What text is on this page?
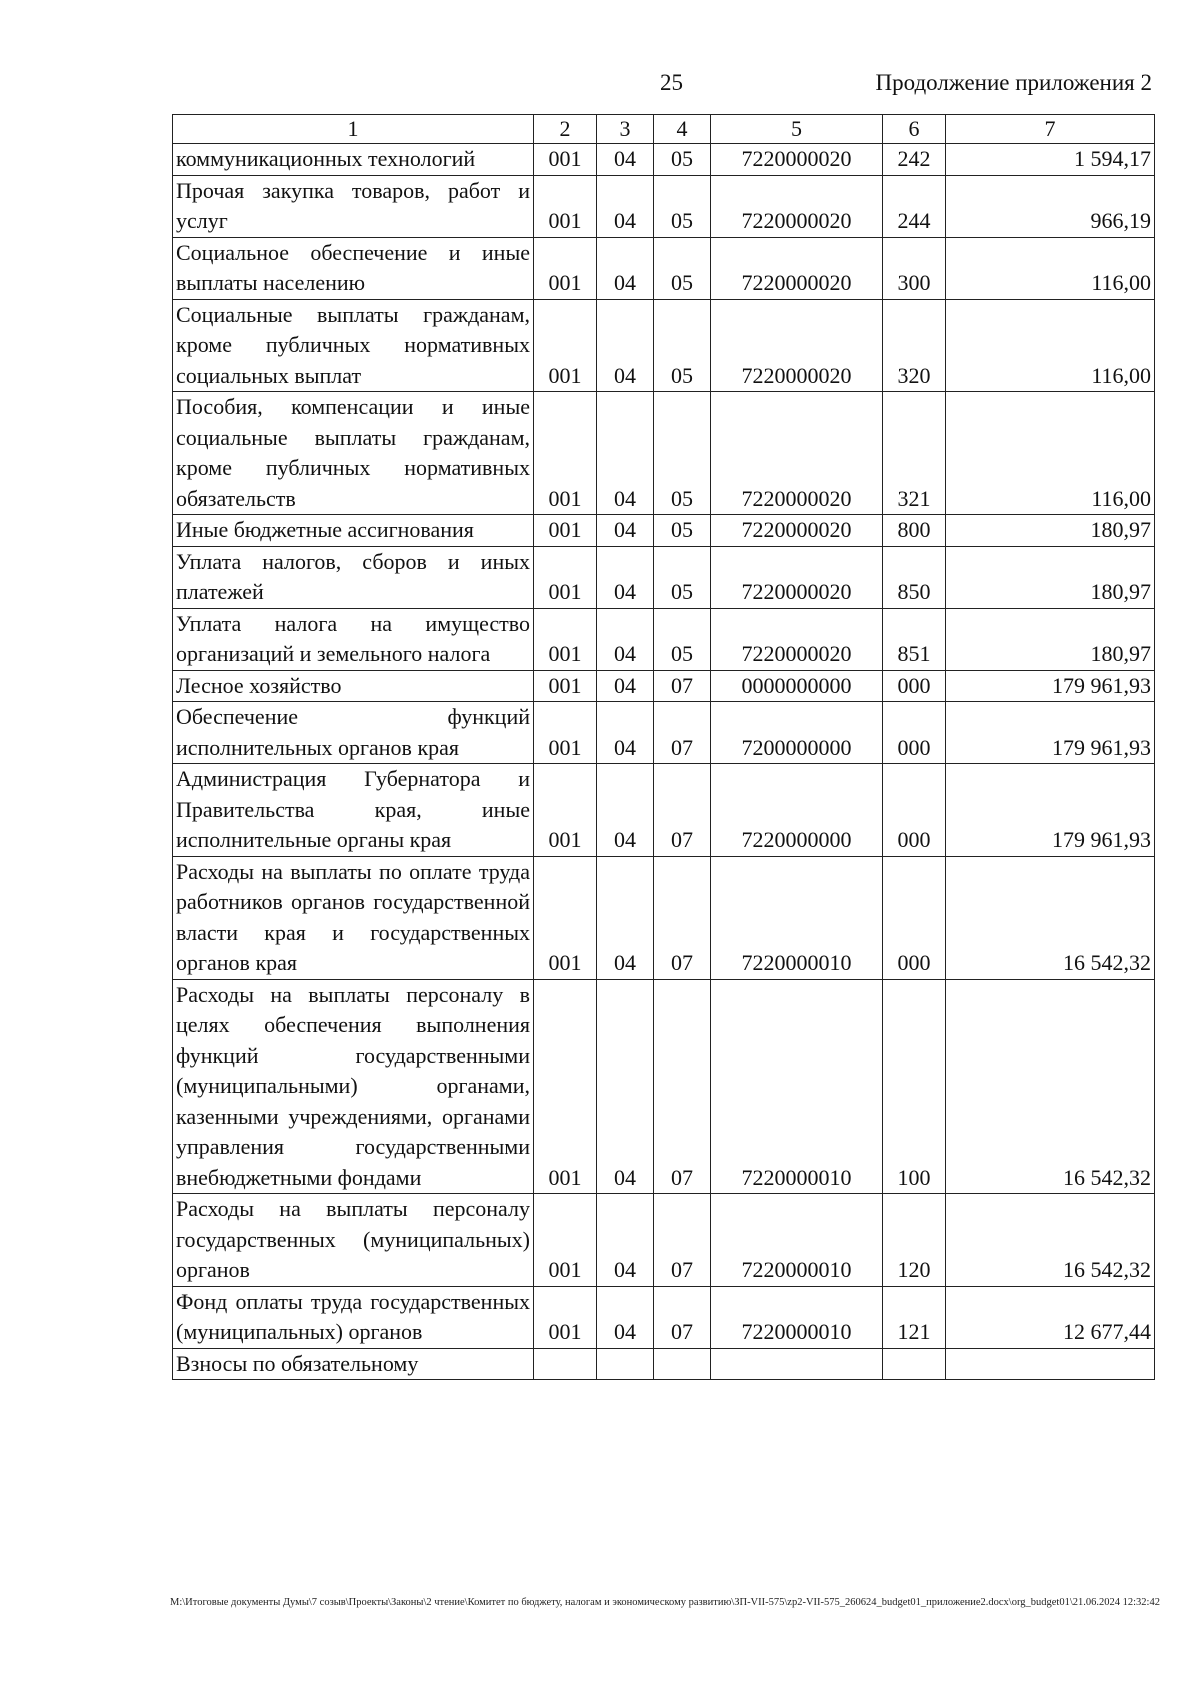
25	Продолжение приложения 2
1	2	3	4	5	6	7
коммуникационных технологий	001	04	05	7220000020	242	1 594,17
Прочая закупка товаров, работ и услуг	001	04	05	7220000020	244	966,19
Социальное обеспечение и иные выплаты населению	001	04	05	7220000020	300	116,00
Социальные выплаты гражданам, кроме публичных нормативных социальных выплат	001	04	05	7220000020	320	116,00
Пособия, компенсации и иные социальные выплаты гражданам, кроме публичных нормативных обязательств	001	04	05	7220000020	321	116,00
Иные бюджетные ассигнования	001	04	05	7220000020	800	180,97
Уплата налогов, сборов и иных платежей	001	04	05	7220000020	850	180,97
Уплата налога на имущество организаций и земельного налога	001	04	05	7220000020	851	180,97
Лесное хозяйство	001	04	07	0000000000	000	179 961,93
Обеспечение функций исполнительных органов края	001	04	07	7200000000	000	179 961,93
Администрация Губернатора и Правительства края, иные исполнительные органы края	001	04	07	7220000000	000	179 961,93
Расходы на выплаты по оплате труда работников органов государственной власти края и государственных органов края	001	04	07	7220000010	000	16 542,32
Расходы на выплаты персоналу в целях обеспечения выполнения функций государственными (муниципальными) органами, казенными учреждениями, органами управления государственными внебюджетными фондами	001	04	07	7220000010	100	16 542,32
Расходы на выплаты персоналу государственных (муниципальных) органов	001	04	07	7220000010	120	16 542,32
Фонд оплаты труда государственных (муниципальных) органов	001	04	07	7220000010	121	12 677,44
Взносы по обязательному						
M:\Итоговые документы Думы\7 созыв\Проекты\Законы\2 чтение\Комитет по бюджету, налогам и экономическому развитию\ЗП-VII-575\zp2-VII-575_260624_budget01_приложение2.docx\org_budget01\21.06.2024 12:32:42
